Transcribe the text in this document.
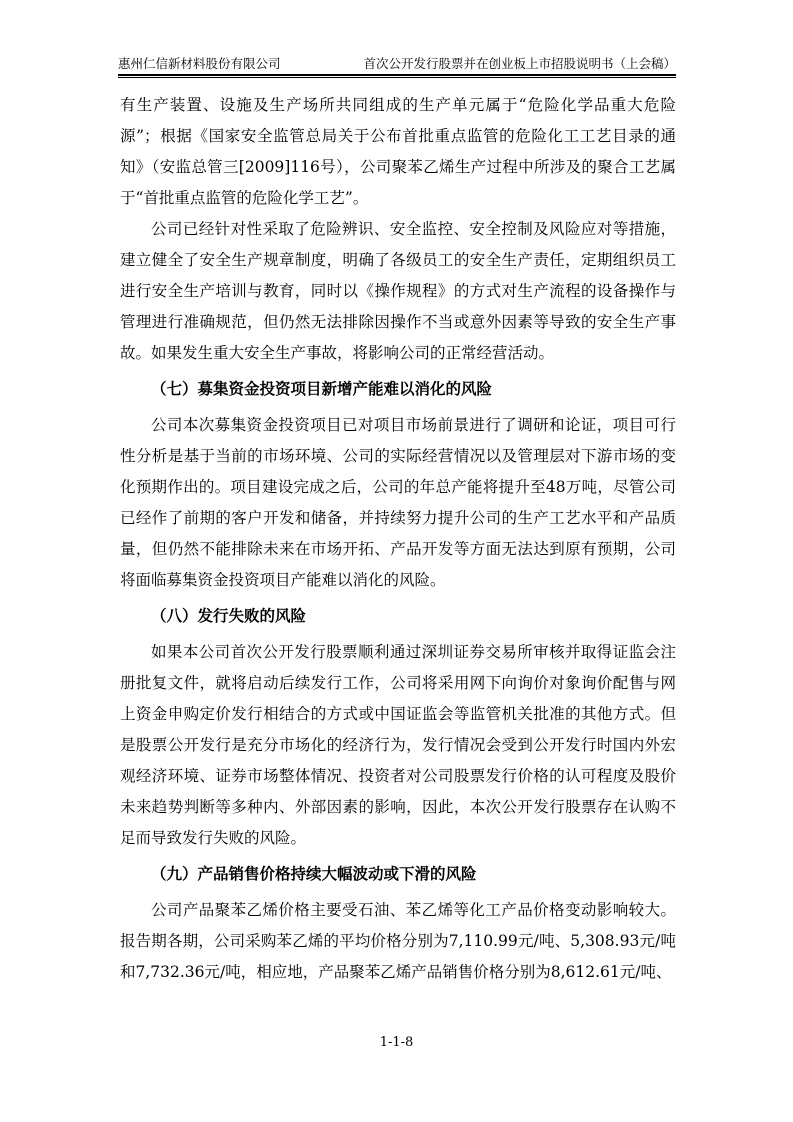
惠州仁信新材料股份有限公司	首次公开发行股票并在创业板上市招股说明书（上会稿）

有生产装置、设施及生产场所共同组成的生产单元属于“危险化学品重大危险源”；根据《国家安全监管总局关于公布首批重点监管的危险化工工艺目录的通知》（安监总管三[2009]116号），公司聚苯乙烯生产过程中所涉及的聚合工艺属于“首批重点监管的危险化学工艺”。

公司已经针对性采取了危险辨识、安全监控、安全控制及风险应对等措施，建立健全了安全生产规章制度，明确了各级员工的安全生产责任，定期组织员工进行安全生产培训与教育，同时以《操作规程》的方式对生产流程的设备操作与管理进行准确规范，但仍然无法排除因操作不当或意外因素等导致的安全生产事故。如果发生重大安全生产事故，将影响公司的正常经营活动。

（七）募集资金投资项目新增产能难以消化的风险

公司本次募集资金投资项目已对项目市场前景进行了调研和论证，项目可行性分析是基于当前的市场环境、公司的实际经营情况以及管理层对下游市场的变化预期作出的。项目建设完成之后，公司的年总产能将提升至48万吨，尽管公司已经作了前期的客户开发和储备，并持续努力提升公司的生产工艺水平和产品质量，但仍然不能排除未来在市场开拓、产品开发等方面无法达到原有预期，公司将面临募集资金投资项目产能难以消化的风险。

（八）发行失败的风险

如果本公司首次公开发行股票顺利通过深圳证券交易所审核并取得证监会注册批复文件，就将启动后续发行工作，公司将采用网下向询价对象询价配售与网上资金申购定价发行相结合的方式或中国证监会等监管机关批准的其他方式。但是股票公开发行是充分市场化的经济行为，发行情况会受到公开发行时国内外宏观经济环境、证券市场整体情况、投资者对公司股票发行价格的认可程度及股价未来趋势判断等多种内、外部因素的影响，因此，本次公开发行股票存在认购不足而导致发行失败的风险。

（九）产品销售价格持续大幅波动或下滑的风险

公司产品聚苯乙烯价格主要受石油、苯乙烯等化工产品价格变动影响较大。报告期各期，公司采购苯乙烯的平均价格分别为7,110.99元/吨、5,308.93元/吨和7,732.36元/吨，相应地，产品聚苯乙烯产品销售价格分别为8,612.61元/吨、

1-1-8
